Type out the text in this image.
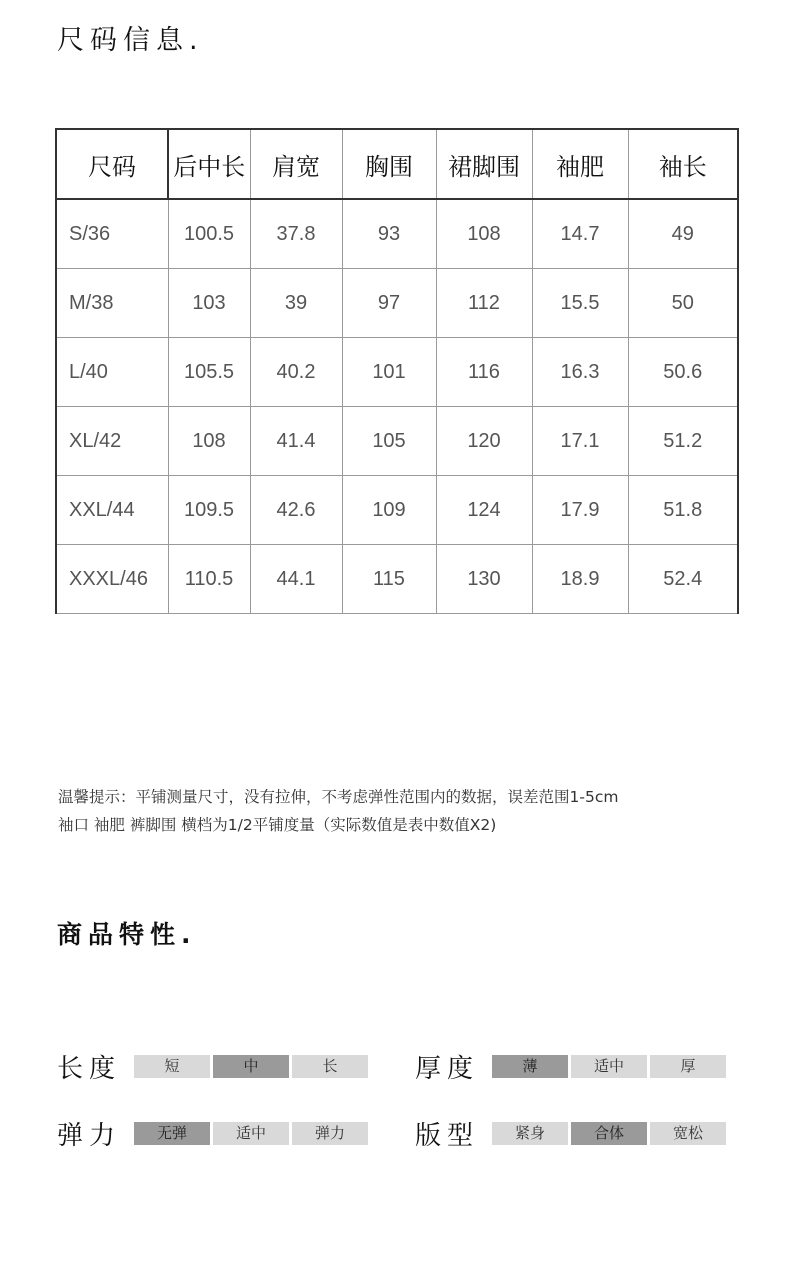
尺码信息.
尺码	后中长	肩宽	胸围	裙脚围	袖肥	袖长
S/36	100.5	37.8	93	108	14.7	49
M/38	103	39	97	112	15.5	50
L/40	105.5	40.2	101	116	16.3	50.6
XL/42	108	41.4	105	120	17.1	51.2
XXL/44	109.5	42.6	109	124	17.9	51.8
XXXL/46	110.5	44.1	115	130	18.9	52.4
温馨提示：平铺测量尺寸，没有拉伸，不考虑弹性范围内的数据，误差范围1-5cm
袖口 袖肥 裤脚围 横档为1/2平铺度量（实际数值是表中数值X2)
商品特性.
长度	短	中	长	厚度	薄	适中	厚
弹力	无弹	适中	弹力	版型	紧身	合体	宽松
